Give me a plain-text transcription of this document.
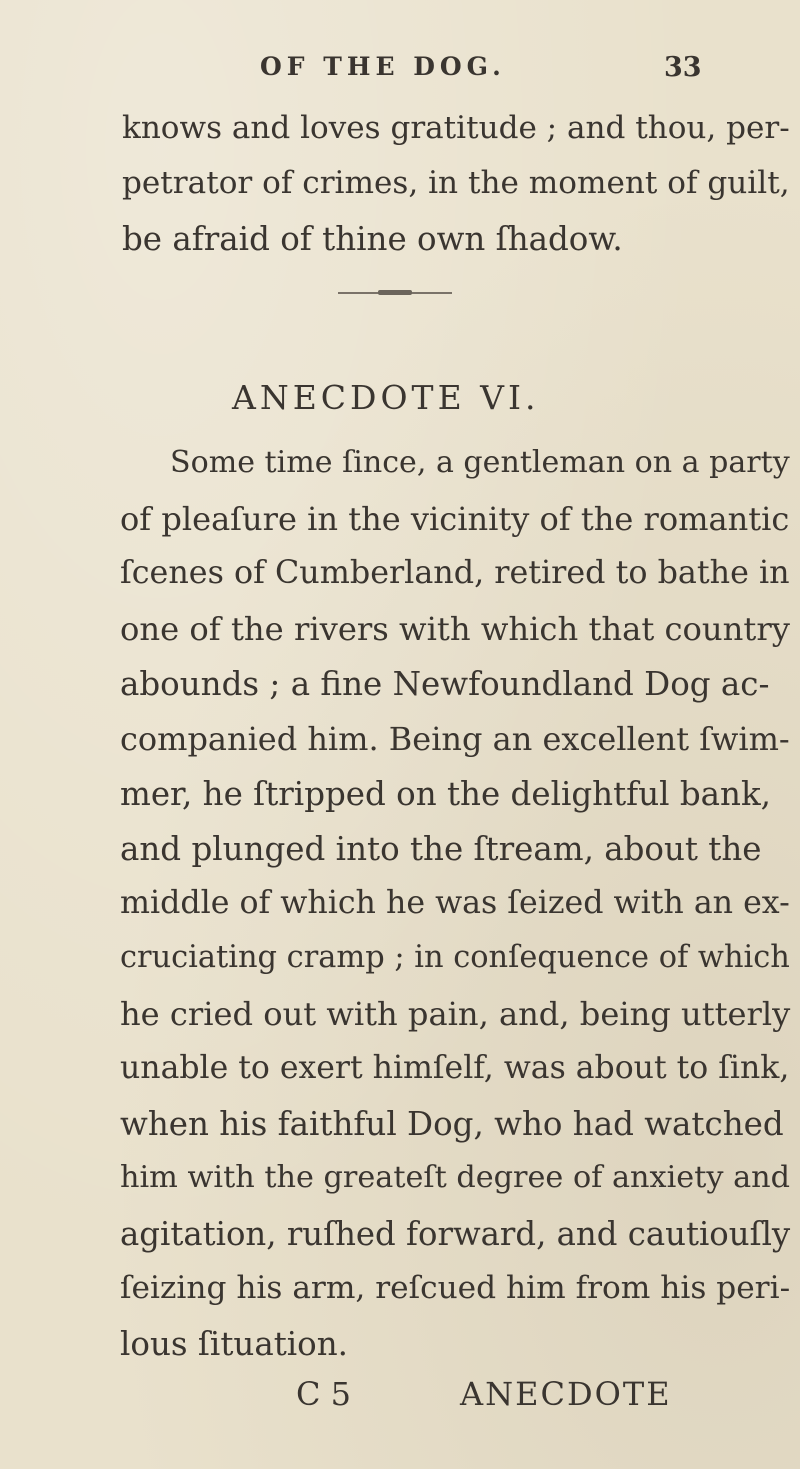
OF THE DOG.	33
knows and loves gratitude ; and thou, per-
petrator of crimes, in the moment of guilt,
be afraid of thine own ſhadow.
ANECDOTE VI.
Some time ſince, a gentleman on a party
of pleaſure in the vicinity of the romantic
ſcenes of Cumberland, retired to bathe in
one of the rivers with which that country
abounds ; a fine Newfoundland Dog ac-
companied him. Being an excellent ſwim-
mer, he ſtripped on the delightful bank,
and plunged into the ſtream, about the
middle of which he was ſeized with an ex-
cruciating cramp ; in conſequence of which
he cried out with pain, and, being utterly
unable to exert himſelf, was about to ſink,
when his faithful Dog, who had watched
him with the greateſt degree of anxiety and
agitation, ruſhed forward, and cautiouſly
ſeizing his arm, reſcued him from his peri-
lous ſituation.
C 5	ANECDOTE
